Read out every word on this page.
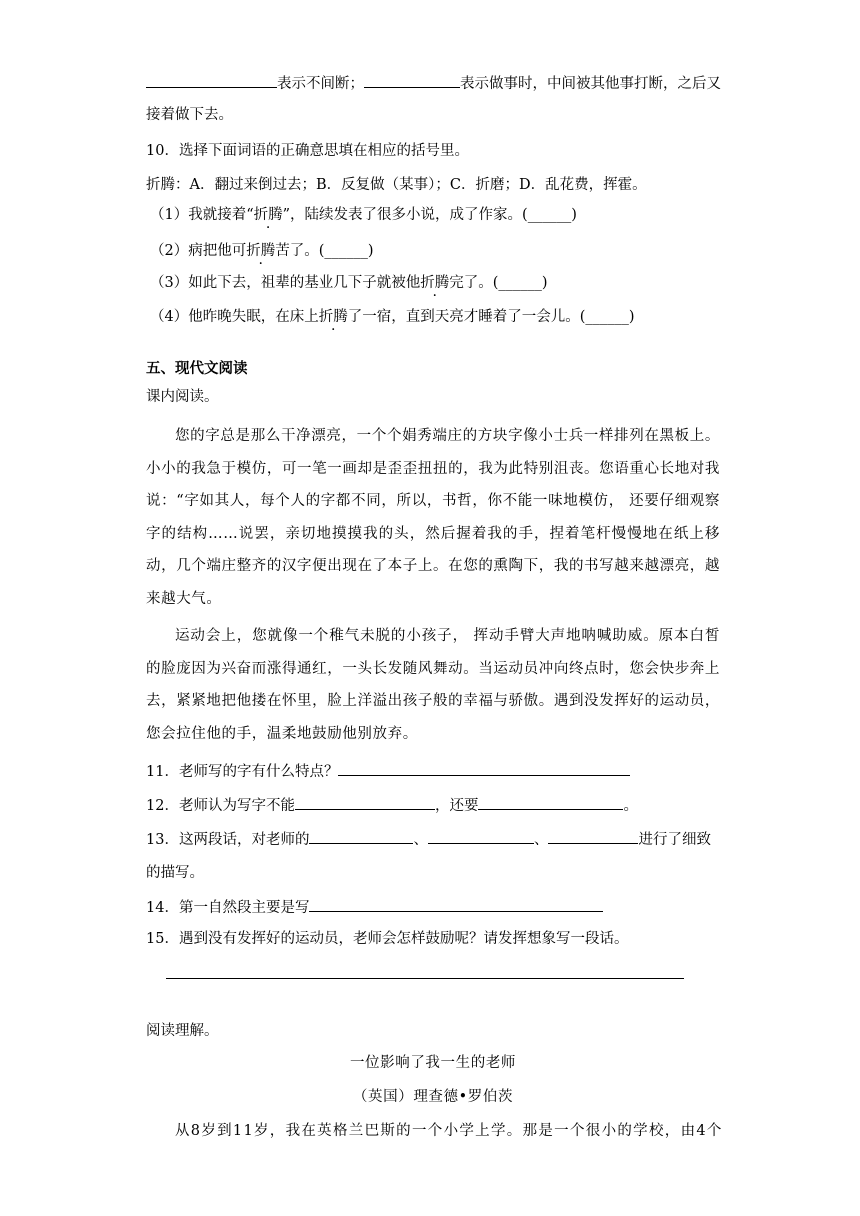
表示不间断；	表示做事时，中间被其他事打断，之后又
接着做下去。
10．选择下面词语的正确意思填在相应的括号里。
折腾：A．翻过来倒过去；B．反复做（某事）；C．折磨；D．乱花费，挥霍。
（1）我就接着“折腾”，陆续发表了很多小说，成了作家。(______)
（2）病把他可折腾苦了。(______)
（3）如此下去，祖辈的基业几下子就被他折腾完了。(______)
（4）他昨晚失眠，在床上折腾了一宿，直到天亮才睡着了一会儿。(______)
五、现代文阅读
课内阅读。
您的字总是那么干净漂亮，一个个娟秀端庄的方块字像小士兵一样排列在黑板上。小小的我急于模仿，可一笔一画却是歪歪扭扭的，我为此特别沮丧。您语重心长地对我说：“字如其人，每个人的字都不同，所以，书哲，你不能一味地模仿， 还要仔细观察字的结构……说罢，亲切地摸摸我的头，然后握着我的手，捏着笔杆慢慢地在纸上移动，几个端庄整齐的汉字便出现在了本子上。在您的熏陶下，我的书写越来越漂亮，越来越大气。
运动会上，您就像一个稚气未脱的小孩子， 挥动手臂大声地呐喊助威。原本白皙的脸庞因为兴奋而涨得通红，一头长发随风舞动。当运动员冲向终点时，您会快步奔上去，紧紧地把他搂在怀里，脸上洋溢出孩子般的幸福与骄傲。遇到没发挥好的运动员，您会拉住他的手，温柔地鼓励他别放弃。
11．老师写的字有什么特点？
12．老师认为写字不能	，还要	。
13．这两段话，对老师的	、	、	进行了细致
的描写。
14．第一自然段主要是写
15．遇到没有发挥好的运动员，老师会怎样鼓励呢？请发挥想象写一段话。
阅读理解。
一位影响了我一生的老师
（英国）理查德•罗伯茨
从8岁到11岁，我在英格兰巴斯的一个小学上学。那是一个很小的学校，由4个
